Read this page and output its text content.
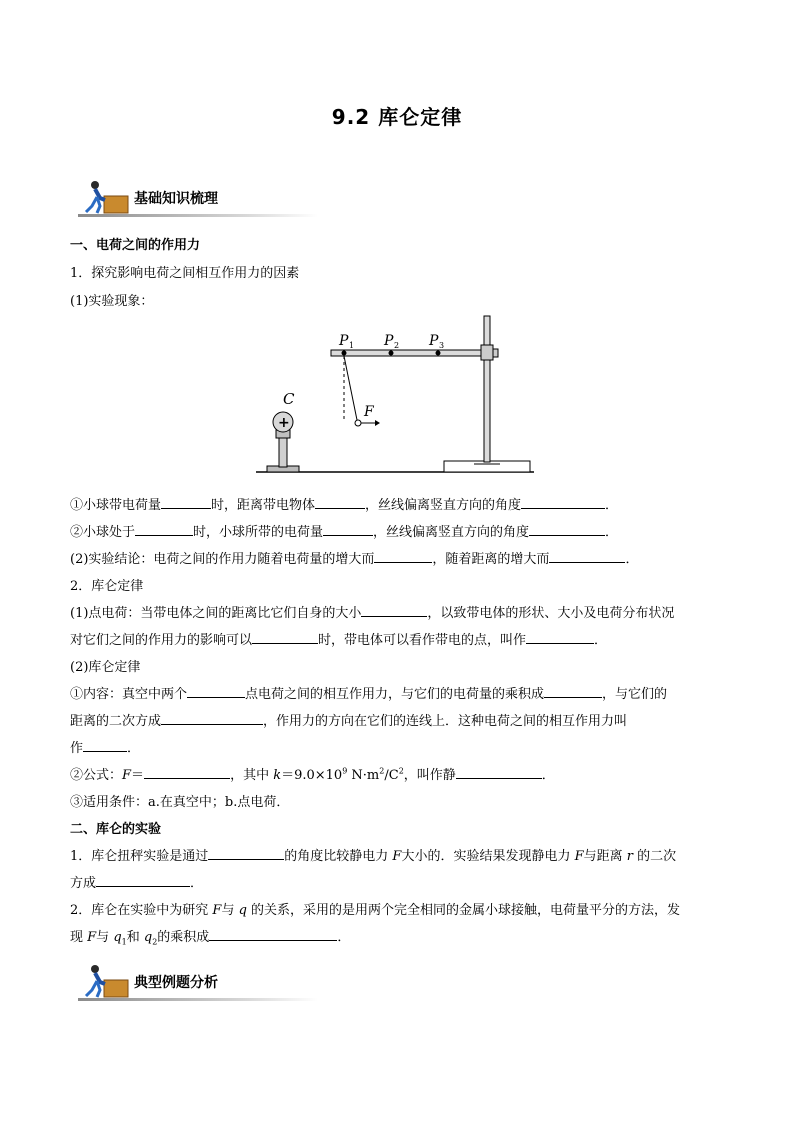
9.2 库仑定律
基础知识梳理
一、电荷之间的作用力
1．探究影响电荷之间相互作用力的因素
(1)实验现象：
P 1 P 2 P 3
F
C
+
①小球带电荷量	时，距离带电物体	，丝线偏离竖直方向的角度	．
②小球处于	时，小球所带的电荷量	，丝线偏离竖直方向的角度	．
(2)实验结论：电荷之间的作用力随着电荷量的增大而	，随着距离的增大而	．
2．库仑定律
(1)点电荷：当带电体之间的距离比它们自身的大小	，以致带电体的形状、大小及电荷分布状况
对它们之间的作用力的影响可以	时，带电体可以看作带电的点，叫作	．
(2)库仑定律
①内容：真空中两个	点电荷之间的相互作用力，与它们的电荷量的乘积成	，与它们的
距离的二次方成	，作用力的方向在它们的连线上．这种电荷之间的相互作用力叫
作	．
②公式：F＝	，其中 $k=9.0\times 10^9$ $N\cdot m^2/C^2$，叫作静	．
③适用条件：a.在真空中；b.点电荷．
二、库仑的实验
1．库仑扭秤实验是通过	的角度比较静电力 F大小的．实验结果发现静电力 F与距离 r 的二次
方成	．
2．库仑在实验中为研究 F与 q 的关系，采用的是用两个完全相同的金属小球接触，电荷量平分的方法，发
现 F与 $q_1$和 $q_2$的乘积成	．
典型例题分析
